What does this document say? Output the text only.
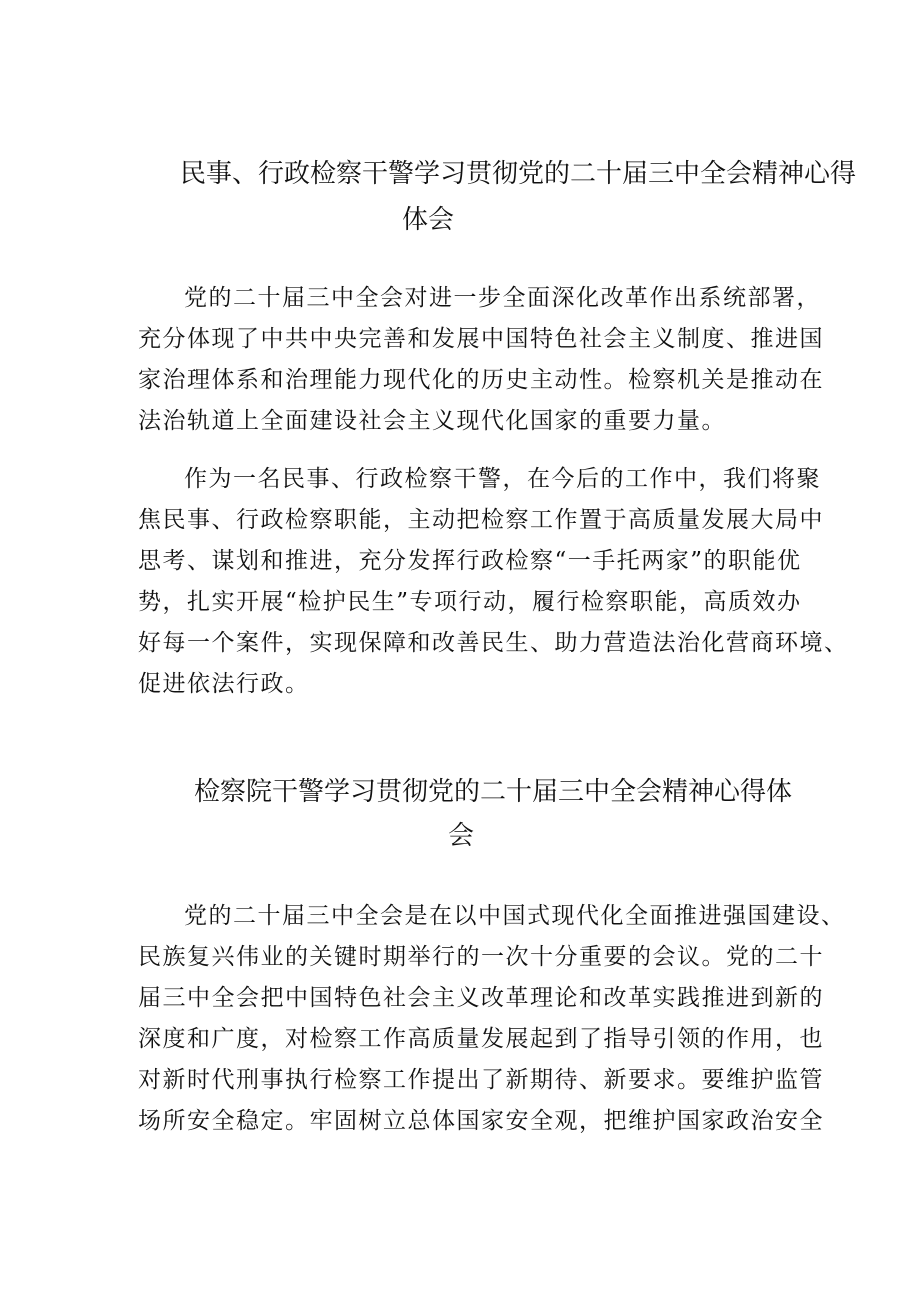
民事、行政检察干警学习贯彻党的二十届三中全会精神心得
体会
党的二十届三中全会对进一步全面深化改革作出系统部署，
充分体现了中共中央完善和发展中国特色社会主义制度、推进国
家治理体系和治理能力现代化的历史主动性。检察机关是推动在
法治轨道上全面建设社会主义现代化国家的重要力量。
作为一名民事、行政检察干警，在今后的工作中，我们将聚
焦民事、行政检察职能，主动把检察工作置于高质量发展大局中
思考、谋划和推进，充分发挥行政检察“一手托两家”的职能优
势，扎实开展“检护民生”专项行动，履行检察职能，高质效办
好每一个案件，实现保障和改善民生、助力营造法治化营商环境、
促进依法行政。
检察院干警学习贯彻党的二十届三中全会精神心得体
会
党的二十届三中全会是在以中国式现代化全面推进强国建设、
民族复兴伟业的关键时期举行的一次十分重要的会议。党的二十
届三中全会把中国特色社会主义改革理论和改革实践推进到新的
深度和广度，对检察工作高质量发展起到了指导引领的作用，也
对新时代刑事执行检察工作提出了新期待、新要求。要维护监管
场所安全稳定。牢固树立总体国家安全观，把维护国家政治安全
